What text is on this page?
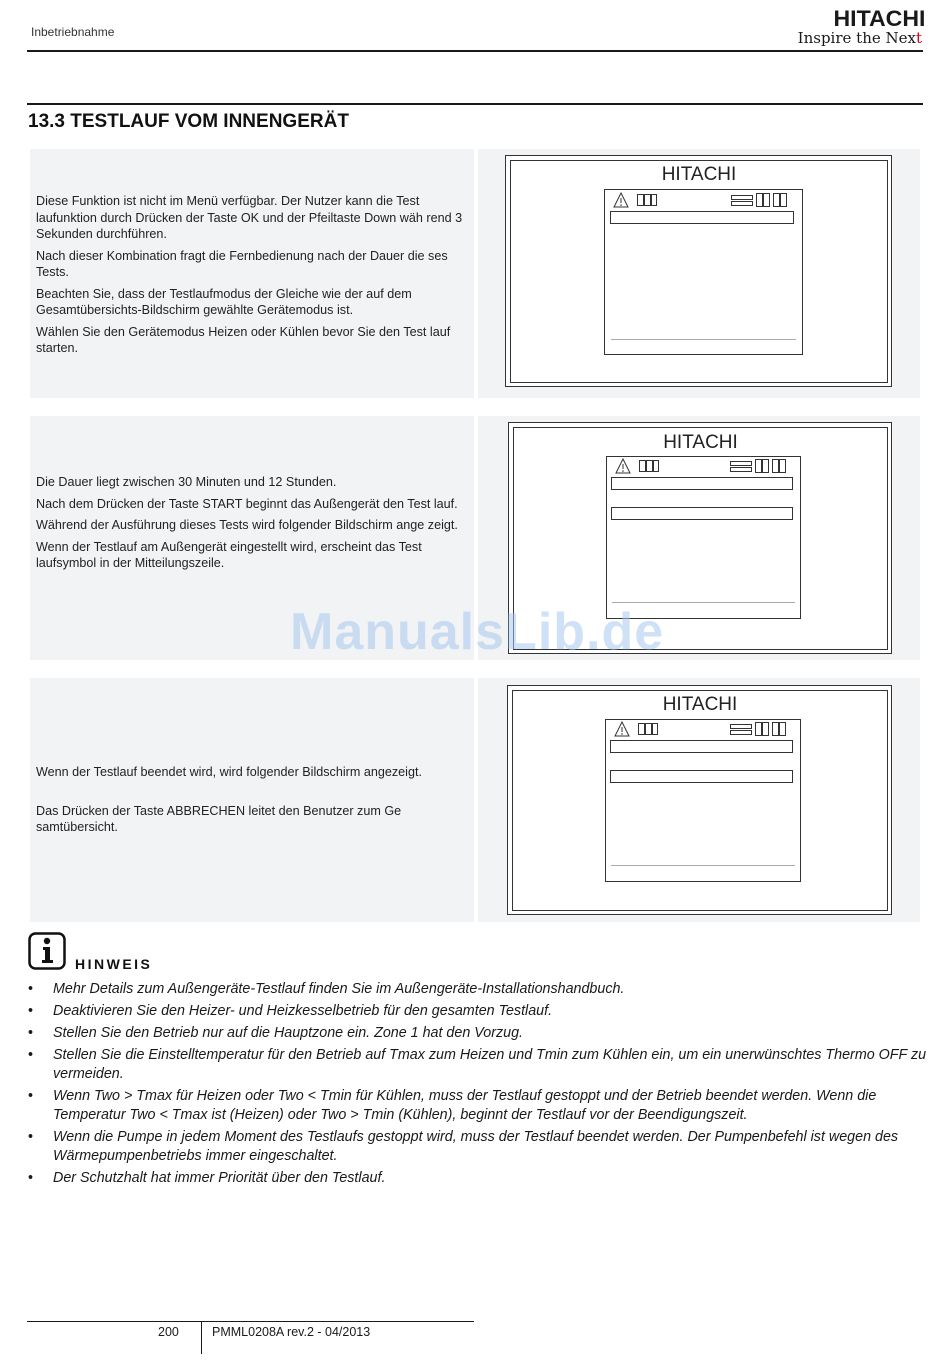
Inbetriebnahme
HITACHI
Inspire the Next
13.3 TESTLAUF VOM INNENGERÄT

Diese Funktion ist nicht im Menü verfügbar. Der Nutzer kann die Test laufunktion durch Drücken der Taste OK und der Pfeiltaste Down wäh rend 3 Sekunden durchführen.

Nach dieser Kombination fragt die Fernbedienung nach der Dauer die ses Tests.

Beachten Sie, dass der Testlaufmodus der Gleiche wie der auf dem Gesamtübersichts-Bildschirm gewählte Gerätemodus ist.

Wählen Sie den Gerätemodus Heizen oder Kühlen bevor Sie den Test lauf starten.

HITACHI

Die Dauer liegt zwischen 30 Minuten und 12 Stunden.

Nach dem Drücken der Taste START beginnt das Außengerät den Test lauf.

Während der Ausführung dieses Tests wird folgender Bildschirm ange zeigt.

Wenn der Testlauf am Außengerät eingestellt wird, erscheint das Test laufsymbol in der Mitteilungszeile.

HITACHI

Wenn der Testlauf beendet wird, wird folgender Bildschirm angezeigt.

Das Drücken der Taste ABBRECHEN leitet den Benutzer zum Ge samtübersicht.

HITACHI
ManualsLib.de
HINWEIS
• Mehr Details zum Außengeräte-Testlauf finden Sie im Außengeräte-Installationshandbuch.
• Deaktivieren Sie den Heizer- und Heizkesselbetrieb für den gesamten Testlauf.
• Stellen Sie den Betrieb nur auf die Hauptzone ein. Zone 1 hat den Vorzug.
• Stellen Sie die Einstelltemperatur für den Betrieb auf Tmax zum Heizen und Tmin zum Kühlen ein, um ein unerwünschtes Thermo OFF zu vermeiden.
• Wenn Two > Tmax für Heizen oder Two < Tmin für Kühlen, muss der Testlauf gestoppt und der Betrieb beendet werden. Wenn die Temperatur Two < Tmax ist (Heizen) oder Two > Tmin (Kühlen), beginnt der Testlauf vor der Beendigungszeit.
• Wenn die Pumpe in jedem Moment des Testlaufs gestoppt wird, muss der Testlauf beendet werden. Der Pumpenbefehl ist wegen des Wärmepumpenbetriebs immer eingeschaltet.
• Der Schutzhalt hat immer Priorität über den Testlauf.
200	PMML0208A rev.2 - 04/2013
